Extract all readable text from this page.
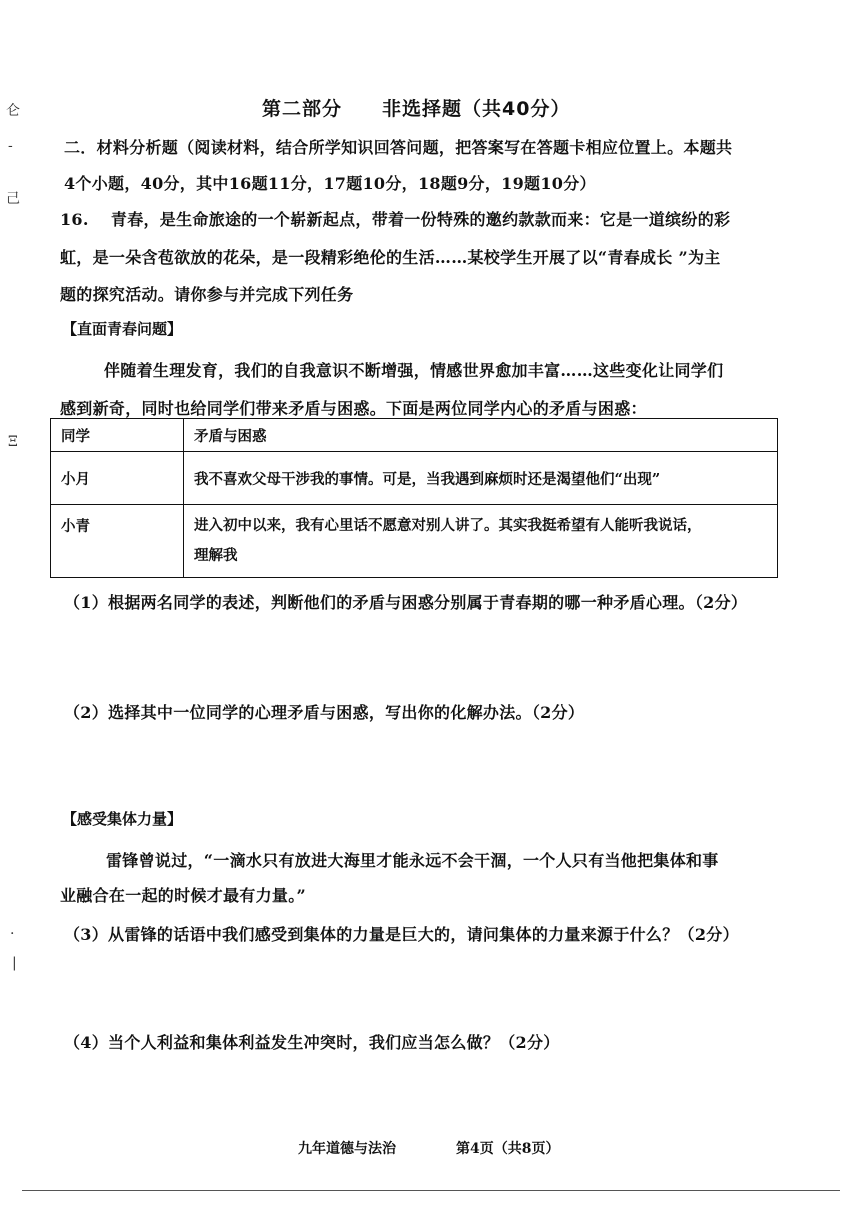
仑
-
己
Ξ
.
|
第二部分　　非选择题（共40分）
二．材料分析题（阅读材料，结合所学知识回答问题，把答案写在答题卡相应位置上。本题共
4个小题，40分，其中16题11分，17题10分，18题9分，19题10分）
16.　 青春，是生命旅途的一个崭新起点，带着一份特殊的邀约款款而来：它是一道缤纷的彩
虹，是一朵含苞欲放的花朵，是一段精彩绝伦的生活……某校学生开展了以“青春成长 ”为主
题的探究活动。请你参与并完成下列任务
【直面青春问题】
伴随着生理发育，我们的自我意识不断增强，情感世界愈加丰富……这些变化让同学们
感到新奇，同时也给同学们带来矛盾与困惑。下面是两位同学内心的矛盾与困惑：
同学	矛盾与困惑
小月	我不喜欢父母干涉我的事情。可是，当我遇到麻烦时还是渴望他们“出现”
小青	进入初中以来，我有心里话不愿意对别人讲了。其实我挺希望有人能听我说话，
理解我
（1）根据两名同学的表述，判断他们的矛盾与困惑分别属于青春期的哪一种矛盾心理。（2分）
（2）选择其中一位同学的心理矛盾与困惑，写出你的化解办法。（2分）
【感受集体力量】
雷锋曾说过，“一滴水只有放进大海里才能永远不会干涸，一个人只有当他把集体和事
业融合在一起的时候才最有力量。”
（3）从雷锋的话语中我们感受到集体的力量是巨大的，请问集体的力量来源于什么？（2分）
（4）当个人利益和集体利益发生冲突时，我们应当怎么做？（2分）
九年道德与法治	第4页（共8页）
